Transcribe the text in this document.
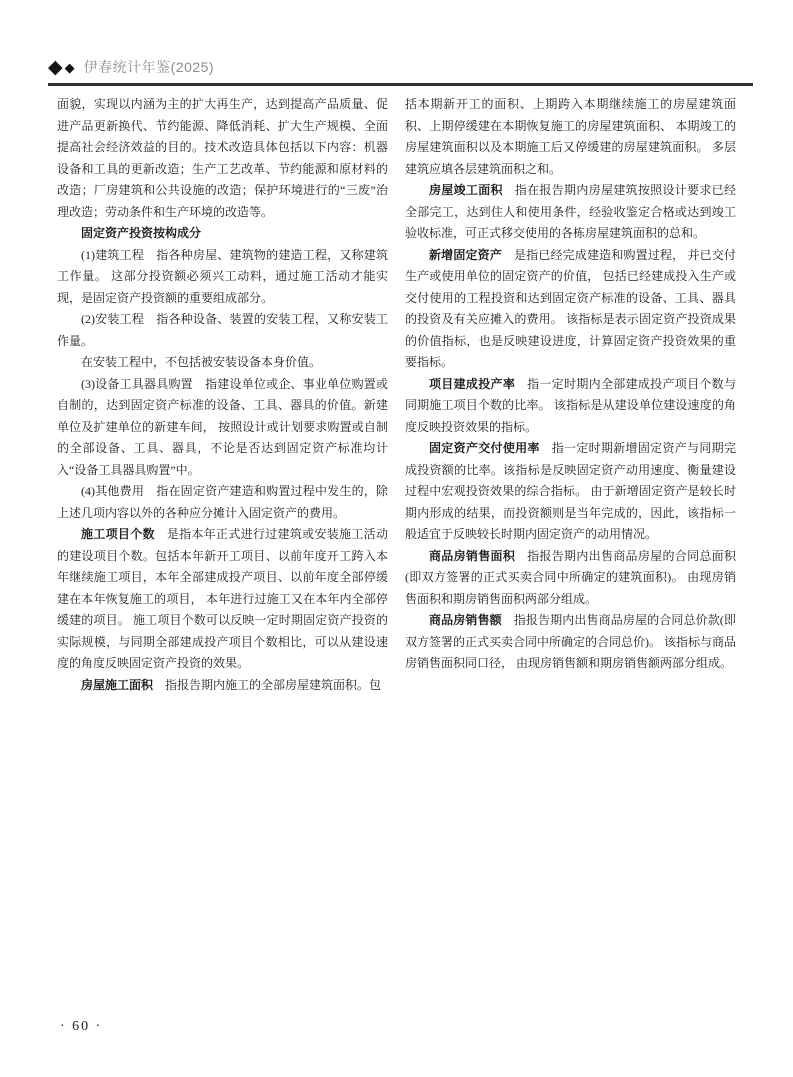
◆ ◆ 伊春统计年鉴(2025)

面貌，实现以内涵为主的扩大再生产，达到提高产品质量、促进产品更新换代、节约能源、降低消耗、扩大生产规模、全面提高社会经济效益的目的。技术改造具体包括以下内容：机器设备和工具的更新改造；生产工艺改革、节约能源和原材料的改造；厂房建筑和公共设施的改造；保护环境进行的“三废”治理改造；劳动条件和生产环境的改造等。

固定资产投资按构成分

(1)建筑工程　指各种房屋、建筑物的建造工程，又称建筑工作量。 这部分投资额必须兴工动料，通过施工活动才能实现，是固定资产投资额的重要组成部分。

(2)安装工程　指各种设备、装置的安装工程，又称安装工作量。

在安装工程中，不包括被安装设备本身价值。

(3)设备工具器具购置　指建设单位或企、事业单位购置或自制的，达到固定资产标准的设备、工具、器具的价值。新建单位及扩建单位的新建车间， 按照设计或计划要求购置或自制的全部设备、工具、器具，不论是否达到固定资产标准均计入“设备工具器具购置”中。

(4)其他费用　指在固定资产建造和购置过程中发生的，除上述几项内容以外的各种应分摊计入固定资产的费用。

施工项目个数 是指本年正式进行过建筑或安装施工活动的建设项目个数。包括本年新开工项目、以前年度开工跨入本年继续施工项目，本年全部建成投产项目、以前年度全部停缓建在本年恢复施工的项目， 本年进行过施工又在本年内全部停缓建的项目。 施工项目个数可以反映一定时期固定资产投资的实际规模，与同期全部建成投产项目个数相比，可以从建设速度的角度反映固定资产投资的效果。

房屋施工面积 指报告期内施工的全部房屋建筑面积。包

括本期新开工的面积、上期跨入本期继续施工的房屋建筑面积、上期停缓建在本期恢复施工的房屋建筑面积、 本期竣工的房屋建筑面积以及本期施工后又停缓建的房屋建筑面积。 多层建筑应填各层建筑面积之和。

房屋竣工面积 指在报告期内房屋建筑按照设计要求已经全部完工，达到住人和使用条件，经验收鉴定合格或达到竣工验收标准，可正式移交使用的各栋房屋建筑面积的总和。

新增固定资产 是指已经完成建造和购置过程， 并已交付生产或使用单位的固定资产的价值， 包括已经建成投入生产或交付使用的工程投资和达到固定资产标准的设备、工具、器具的投资及有关应摊入的费用。 该指标是表示固定资产投资成果的价值指标，也是反映建设进度，计算固定资产投资效果的重要指标。

项目建成投产率 指一定时期内全部建成投产项目个数与同期施工项目个数的比率。 该指标是从建设单位建设速度的角度反映投资效果的指标。

固定资产交付使用率 指一定时期新增固定资产与同期完成投资额的比率。该指标是反映固定资产动用速度、衡量建设过程中宏观投资效果的综合指标。 由于新增固定资产是较长时期内形成的结果，而投资额则是当年完成的，因此，该指标一般适宜于反映较长时期内固定资产的动用情况。

商品房销售面积 指报告期内出售商品房屋的合同总面积(即双方签署的正式买卖合同中所确定的建筑面积)。 由现房销售面积和期房销售面积两部分组成。

商品房销售额 指报告期内出售商品房屋的合同总价款(即双方签署的正式买卖合同中所确定的合同总价)。 该指标与商品房销售面积同口径， 由现房销售额和期房销售额两部分组成。

· 60 ·
